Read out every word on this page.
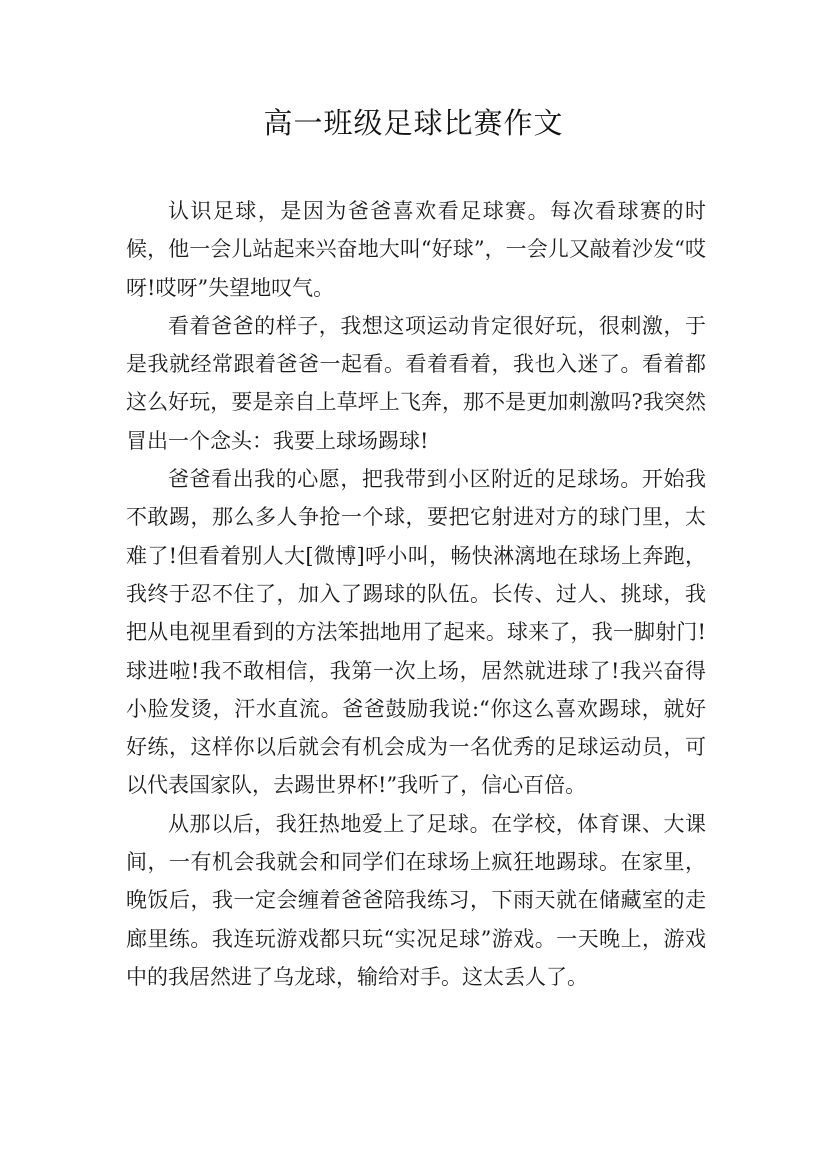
高一班级足球比赛作文

认识足球，是因为爸爸喜欢看足球赛。每次看球赛的时候，他一会儿站起来兴奋地大叫“好球”，一会儿又敲着沙发“哎呀!哎呀”失望地叹气。

看着爸爸的样子，我想这项运动肯定很好玩，很刺激，于是我就经常跟着爸爸一起看。看着看着，我也入迷了。看着都这么好玩，要是亲自上草坪上飞奔，那不是更加刺激吗?我突然冒出一个念头：我要上球场踢球!

爸爸看出我的心愿，把我带到小区附近的足球场。开始我不敢踢，那么多人争抢一个球，要把它射进对方的球门里，太难了!但看着别人大[微博]呼小叫，畅快淋漓地在球场上奔跑，我终于忍不住了，加入了踢球的队伍。长传、过人、挑球，我把从电视里看到的方法笨拙地用了起来。球来了，我一脚射门!球进啦!我不敢相信，我第一次上场，居然就进球了!我兴奋得小脸发烫，汗水直流。爸爸鼓励我说:“你这么喜欢踢球，就好好练，这样你以后就会有机会成为一名优秀的足球运动员，可以代表国家队，去踢世界杯!”我听了，信心百倍。

从那以后，我狂热地爱上了足球。在学校，体育课、大课间，一有机会我就会和同学们在球场上疯狂地踢球。在家里，晚饭后，我一定会缠着爸爸陪我练习，下雨天就在储藏室的走廊里练。我连玩游戏都只玩“实况足球”游戏。一天晚上，游戏中的我居然进了乌龙球，输给对手。这太丢人了。
